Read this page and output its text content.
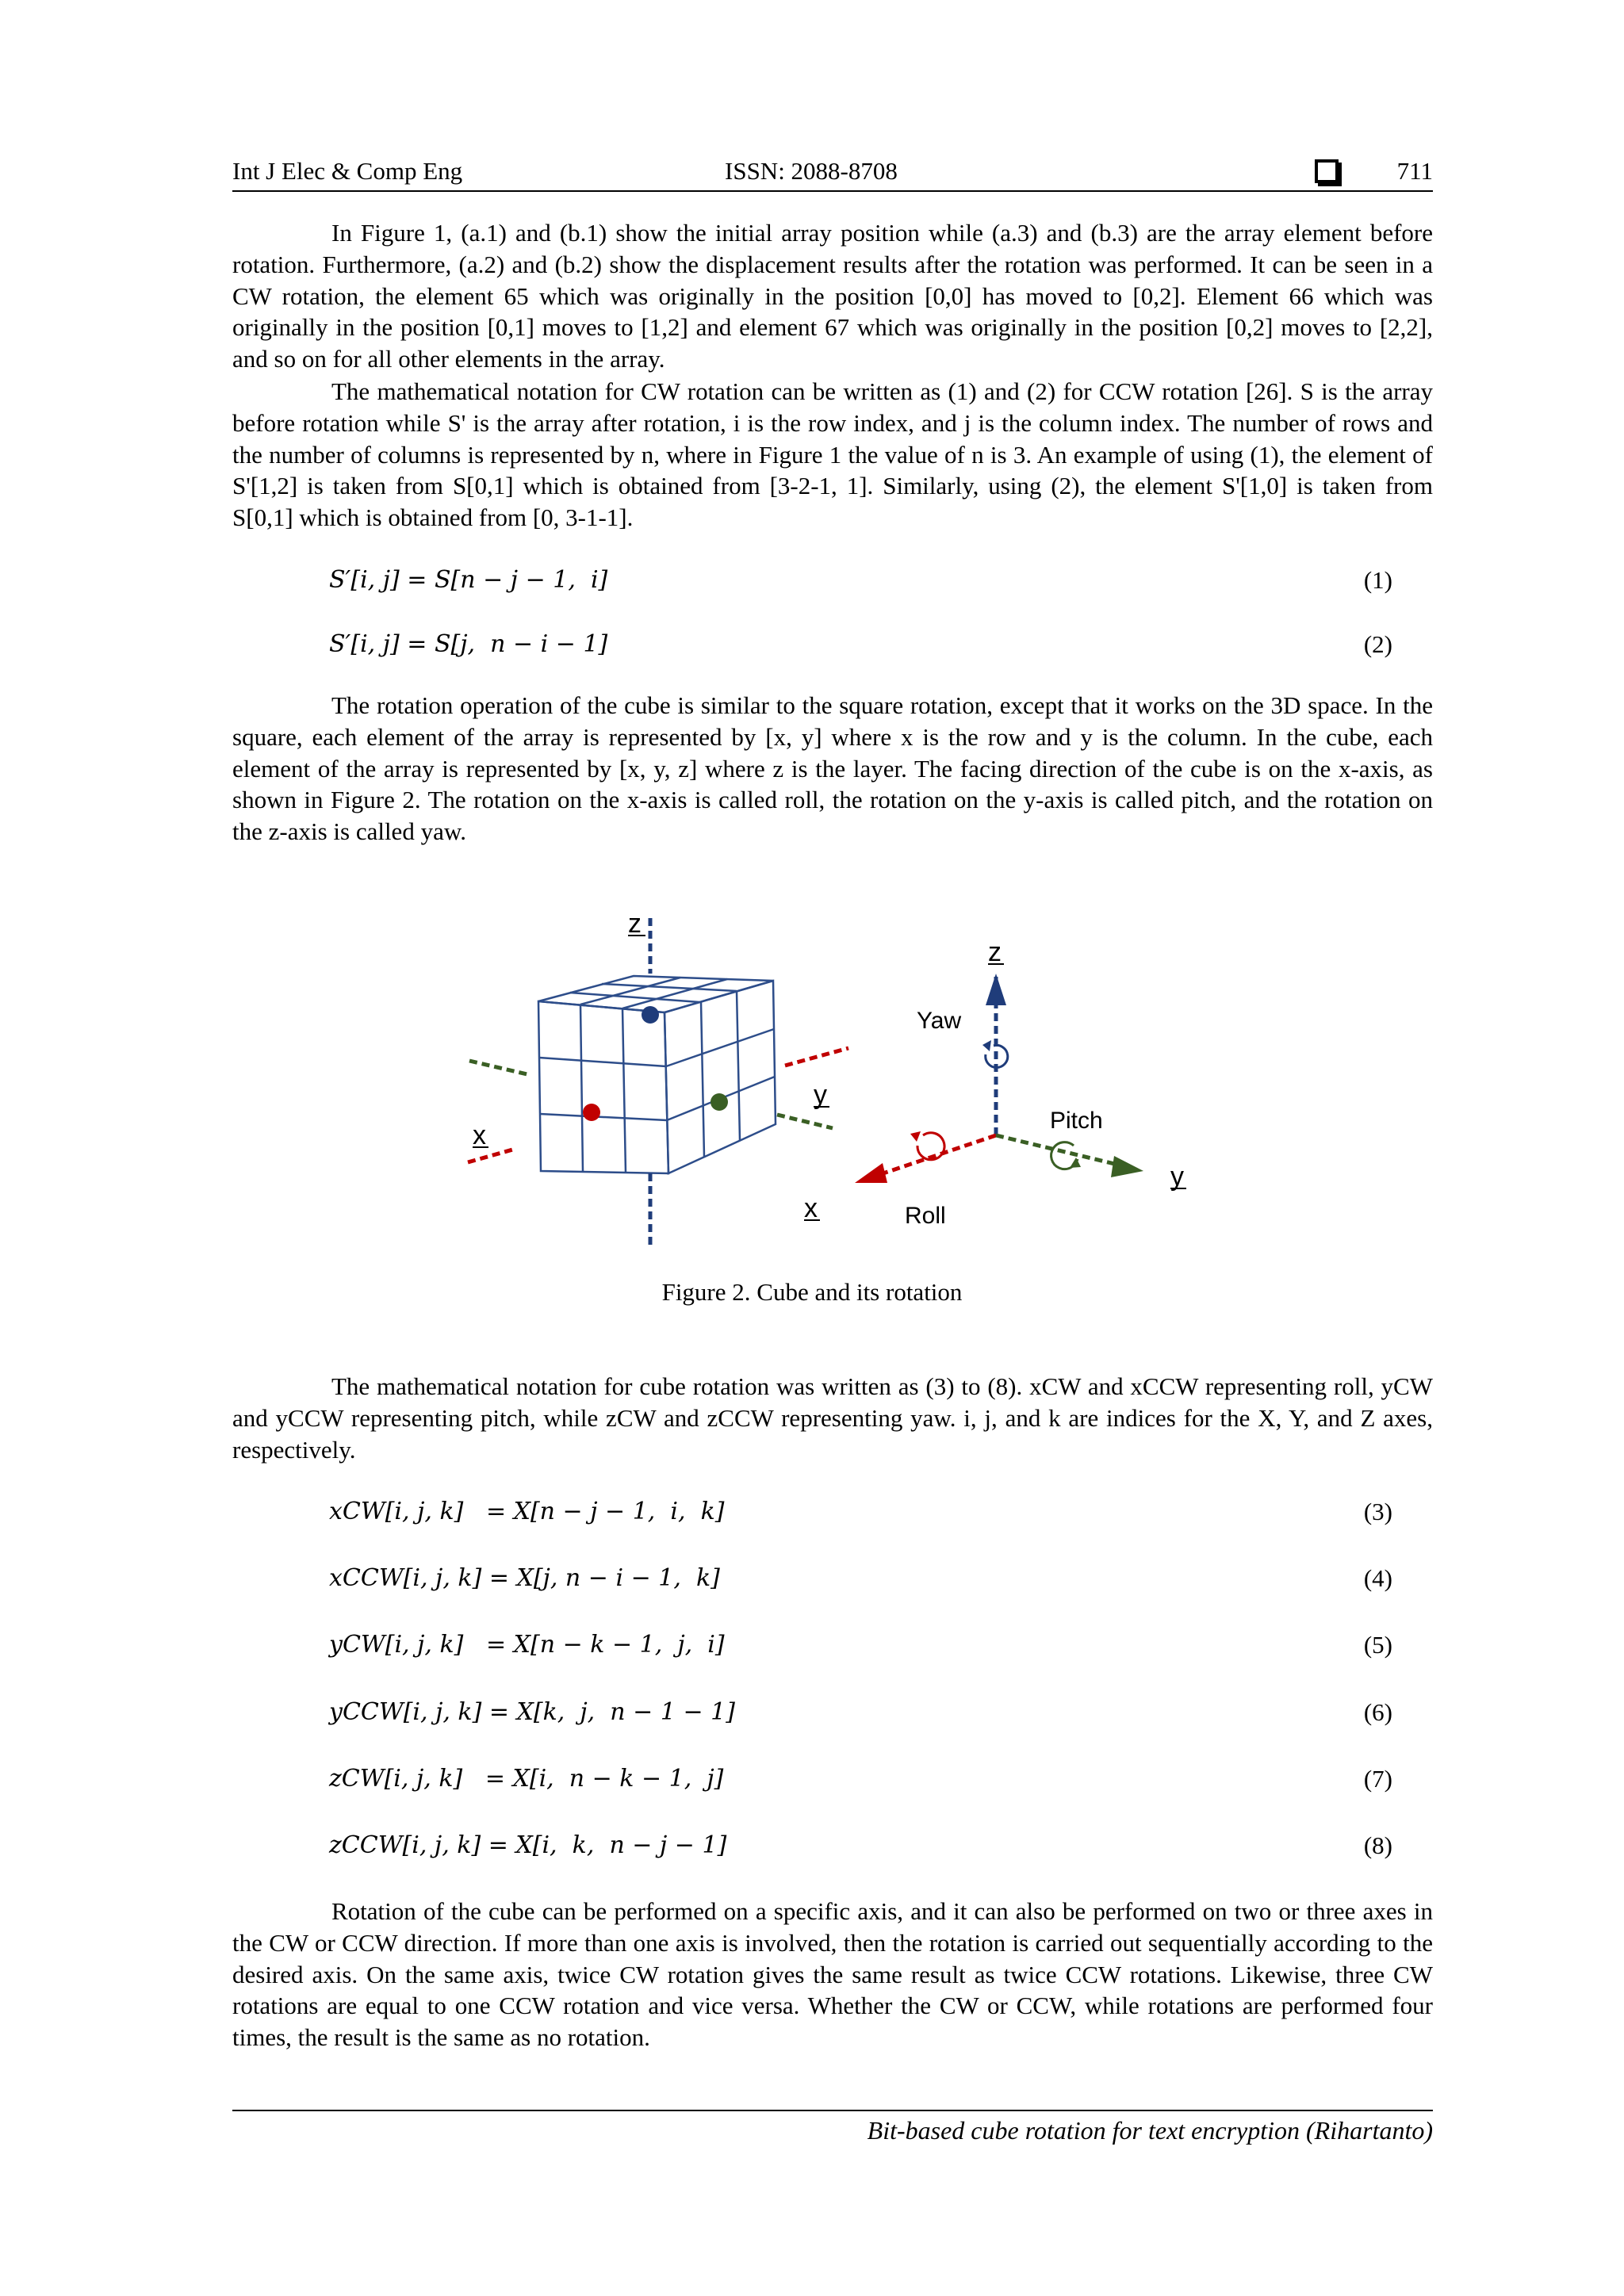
Int J Elec & Comp Eng	ISSN: 2088-8708	711

In Figure 1, (a.1) and (b.1) show the initial array position while (a.3) and (b.3) are the array element before rotation. Furthermore, (a.2) and (b.2) show the displacement results after the rotation was performed. It can be seen in a CW rotation, the element 65 which was originally in the position [0,0] has moved to [0,2]. Element 66 which was originally in the position [0,1] moves to [1,2] and element 67 which was originally in the position [0,2] moves to [2,2], and so on for all other elements in the array.

The mathematical notation for CW rotation can be written as (1) and (2) for CCW rotation [26]. S is the array before rotation while S' is the array after rotation, i is the row index, and j is the column index. The number of rows and the number of columns is represented by n, where in Figure 1 the value of n is 3. An example of using (1), the element of S'[1,2] is taken from S[0,1] which is obtained from [3-2-1, 1]. Similarly, using (2), the element S'[1,0] is taken from S[0,1] which is obtained from [0, 3-1-1].

S′[i, j] = S[n − j − 1,  i]	(1)
S′[i, j] = S[j,  n − i − 1]	(2)

The rotation operation of the cube is similar to the square rotation, except that it works on the 3D space. In the square, each element of the array is represented by [x, y] where x is the row and y is the column. In the cube, each element of the array is represented by [x, y, z] where z is the layer. The facing direction of the cube is on the x-axis, as shown in Figure 2. The rotation on the x-axis is called roll, the rotation on the y-axis is called pitch, and the rotation on the z-axis is called yaw.

z
x
y
z
Yaw
Pitch
Roll
x
y
Figure 2. Cube and its rotation

The mathematical notation for cube rotation was written as (3) to (8). xCW and xCCW representing roll, yCW and yCCW representing pitch, while zCW and zCCW representing yaw. i, j, and k are indices for the X, Y, and Z axes, respectively.

xCW[i, j, k]   = X[n − j − 1,  i,  k]	(3)
xCCW[i, j, k] = X[j, n − i − 1,  k]	(4)
yCW[i, j, k]   = X[n − k − 1,  j,  i]	(5)
yCCW[i, j, k] = X[k,  j,  n − 1 − 1]	(6)
zCW[i, j, k]   = X[i,  n − k − 1,  j]	(7)
zCCW[i, j, k] = X[i,  k,  n − j − 1]	(8)

Rotation of the cube can be performed on a specific axis, and it can also be performed on two or three axes in the CW or CCW direction. If more than one axis is involved, then the rotation is carried out sequentially according to the desired axis. On the same axis, twice CW rotation gives the same result as twice CCW rotations. Likewise, three CW rotations are equal to one CCW rotation and vice versa. Whether the CW or CCW, while rotations are performed four times, the result is the same as no rotation.

Bit-based cube rotation for text encryption (Rihartanto)
